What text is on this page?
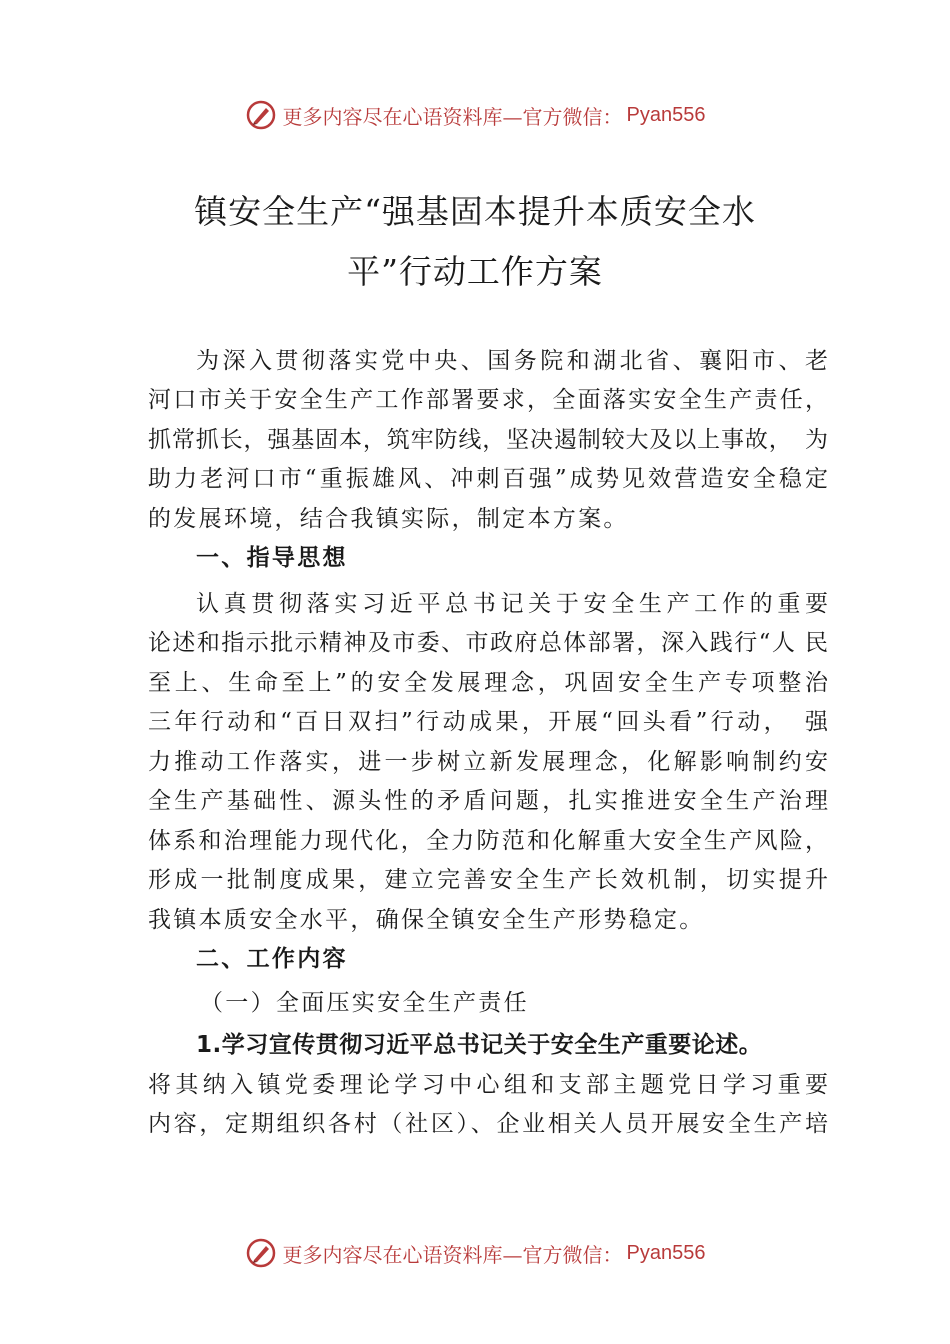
更多内容尽在心语资料库—官方微信： Pyan556
镇安全生产“强基固本提升本质安全水
平”行动工作方案
为深入贯彻落实党中央、国务院和湖北省、襄阳市、老
河口市关于安全生产工作部署要求，全面落实安全生产责任，
抓常抓长，强基固本，筑牢防线，坚决遏制较大及以上事故，　为
助力老河口市“重振雄风、冲刺百强”成势见效营造安全稳定
的发展环境，结合我镇实际，制定本方案。
一、指导思想
认真贯彻落实习近平总书记关于安全生产工作的重要
论述和指示批示精神及市委、市政府总体部署，深入践行“人 民
至上、生命至上”的安全发展理念，巩固安全生产专项整治
三年行动和“百日双扫”行动成果，开展“回头看”行动，　强
力推动工作落实，进一步树立新发展理念，化解影响制约安
全生产基础性、源头性的矛盾问题，扎实推进安全生产治理
体系和治理能力现代化，全力防范和化解重大安全生产风险，
形成一批制度成果，建立完善安全生产长效机制，切实提升
我镇本质安全水平，确保全镇安全生产形势稳定。
二、工作内容
（一）全面压实安全生产责任
1.学习宣传贯彻习近平总书记关于安全生产重要论述。
将其纳入镇党委理论学习中心组和支部主题党日学习重要
内容，定期组织各村（社区）、企业相关人员开展安全生产培
更多内容尽在心语资料库—官方微信： Pyan556
